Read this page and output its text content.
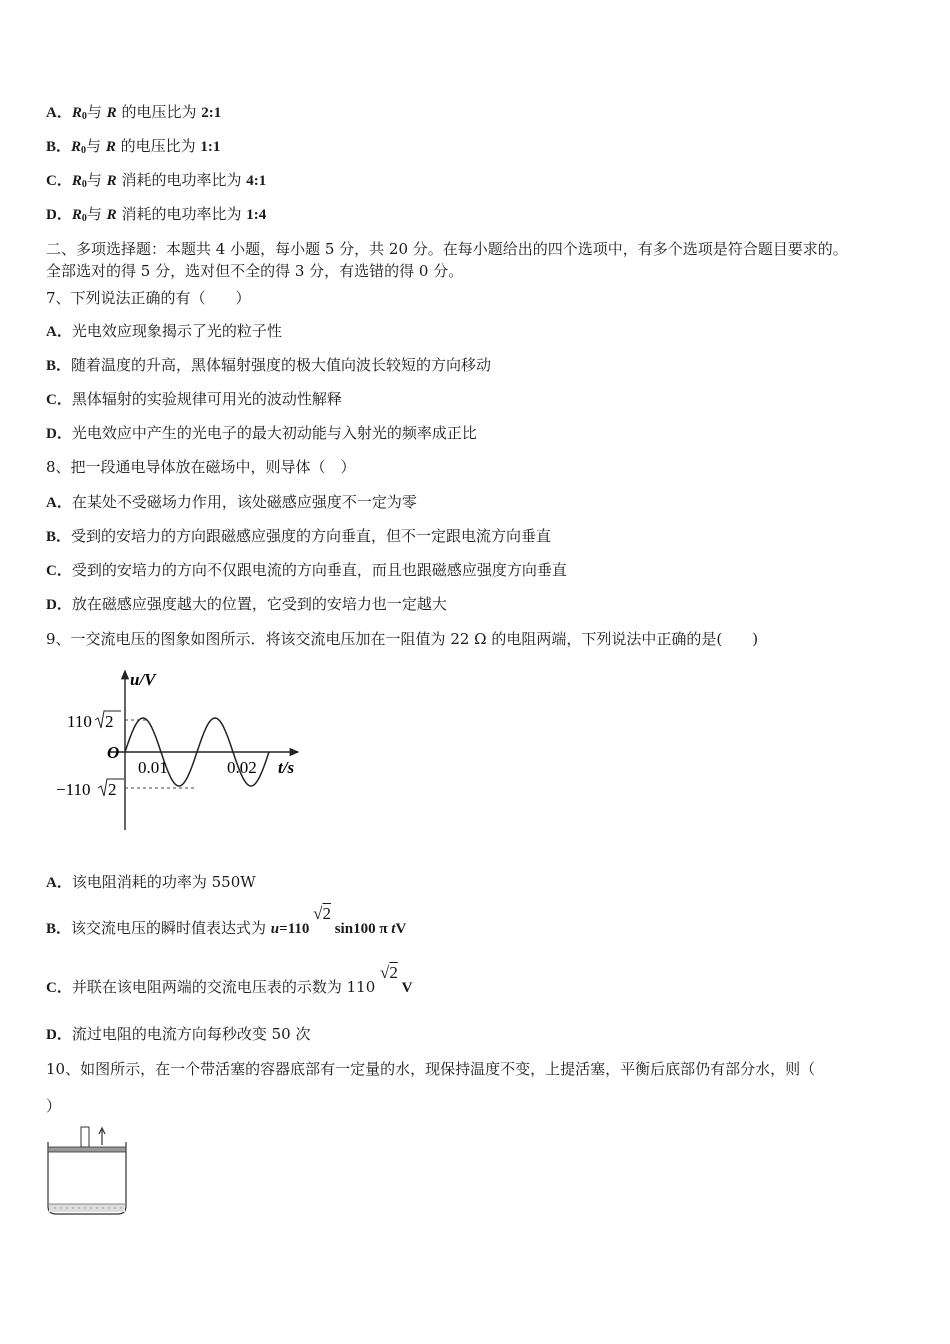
A．$R_0$与 R 的电压比为 2:1
B．$R_0$与 R 的电压比为 1:1
C．$R_0$与 R 消耗的电功率比为 4:1
D．$R_0$与 R 消耗的电功率比为 1:4
二、多项选择题：本题共 4 小题，每小题 5 分，共 20 分。在每小题给出的四个选项中，有多个选项是符合题目要求的。
全部选对的得 5 分，选对但不全的得 3 分，有选错的得 0 分。
7、下列说法正确的有（　　）
A．光电效应现象揭示了光的粒子性
B．随着温度的升高，黑体辐射强度的极大值向波长较短的方向移动
C．黑体辐射的实验规律可用光的波动性解释
D．光电效应中产生的光电子的最大初动能与入射光的频率成正比
8、把一段通电导体放在磁场中，则导体（　）
A．在某处不受磁场力作用，该处磁感应强度不一定为零
B．受到的安培力的方向跟磁感应强度的方向垂直，但不一定跟电流方向垂直
C．受到的安培力的方向不仅跟电流的方向垂直，而且也跟磁感应强度方向垂直
D．放在磁感应强度越大的位置，它受到的安培力也一定越大
9、一交流电压的图象如图所示．将该交流电压加在一阻值为 22 Ω 的电阻两端，下列说法中正确的是(　　)
u/V
t/s
O
110 2
−110 2
0.01	0.02
A．该电阻消耗的功率为 550W
B．该交流电压的瞬时值表达式为 u=110 √2 sin100 π tV
C．并联在该电阻两端的交流电压表的示数为 110 √2 V
D．流过电阻的电流方向每秒改变 50 次
10、如图所示，在一个带活塞的容器底部有一定量的水，现保持温度不变，上提活塞，平衡后底部仍有部分水，则（
）
